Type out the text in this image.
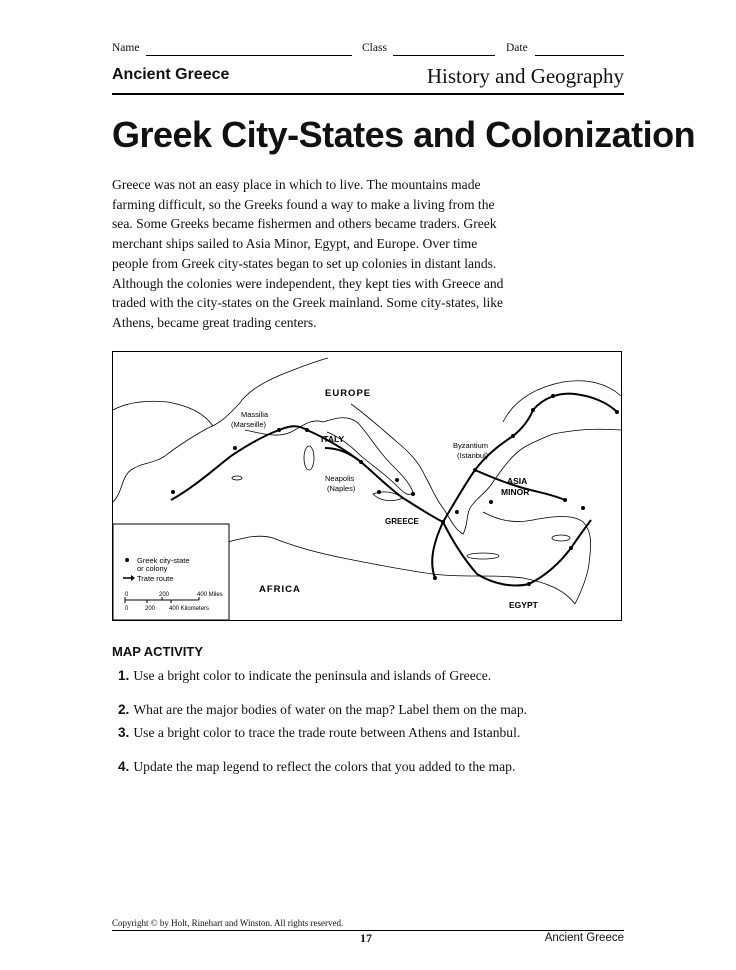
Name	Class	Date
Ancient Greece	History and Geography
Greek City-States and Colonization
Greece was not an easy place in which to live. The mountains made
farming difficult, so the Greeks found a way to make a living from the
sea. Some Greeks became fishermen and others became traders. Greek
merchant ships sailed to Asia Minor, Egypt, and Europe. Over time
people from Greek city-states began to set up colonies in distant lands.
Although the colonies were independent, they kept ties with Greece and
traded with the city-states on the Greek mainland. Some city-states, like
Athens, became great trading centers.
EUROPE
ITALY
GREECE
ASIA
MINOR
AFRICA
EGYPT
Massilia
(Marseille)
Neapolis
(Naples)
Byzantium
(Istanbul)
Greek city-state
or colony
Trate route
0	200	400 Miles
0	200 400 Kilometers
MAP ACTIVITY
1. Use a bright color to indicate the peninsula and islands of Greece.
2. What are the major bodies of water on the map? Label them on the map.
3. Use a bright color to trace the trade route between Athens and Istanbul.
4. Update the map legend to reflect the colors that you added to the map.
Copyright © by Holt, Rinehart and Winston. All rights reserved.
17	Ancient Greece
